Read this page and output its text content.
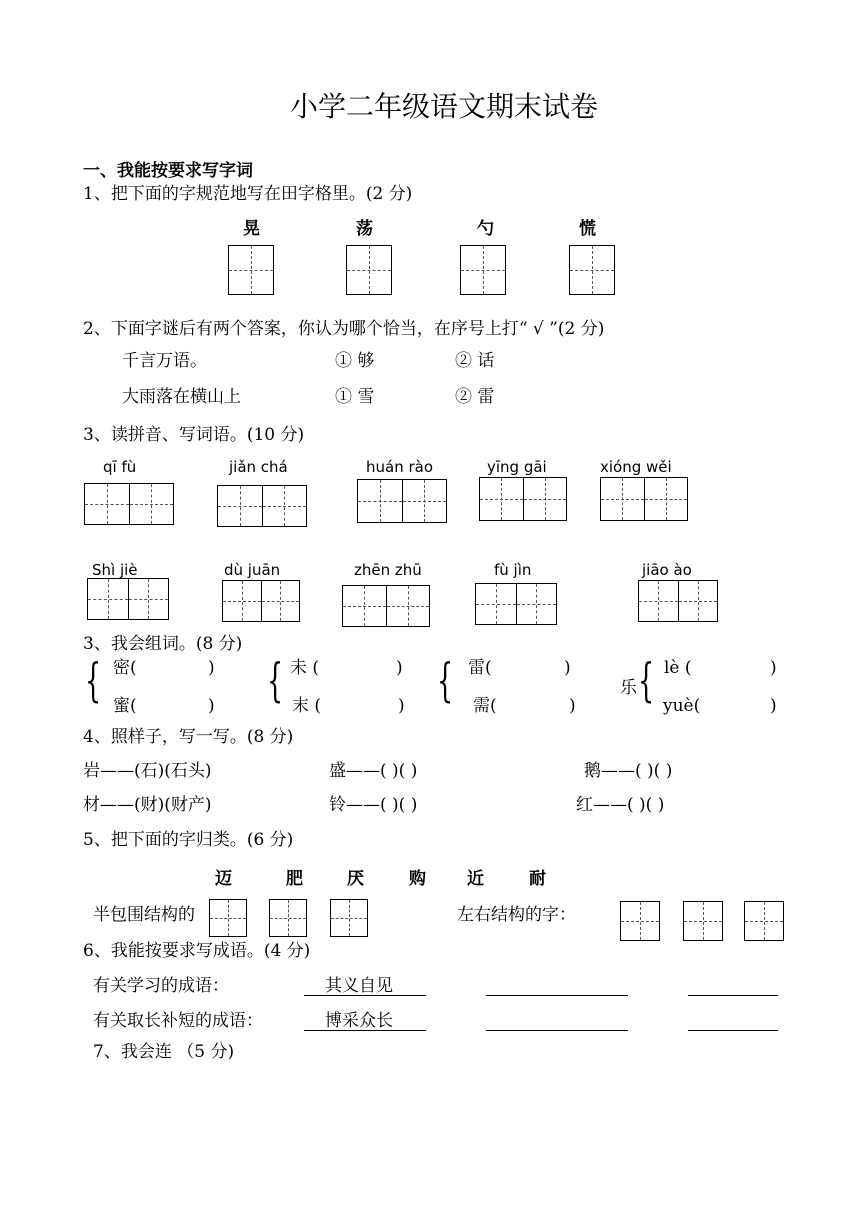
小学二年级语文期末试卷
一、我能按要求写字词
1、把下面的字规范地写在田字格里。(2 分)
晃	荡	勺	慌
2、下面字谜后有两个答案，你认为哪个恰当，在序号上打“ √ ”(2 分)
千言万语。	① 够	② 话
大雨落在横山上	① 雪	② 雷
3、读拼音、写词语。(10 分)
qī fù	jiǎn chá	huán rào	yīng gāi	xióng wěi
Shì jiè	dù juān	zhēn zhū	fù jìn	jiāo ào
3、我会组词。(8 分)
{ 密(	)
蜜(	) { 未 (	)
末 (	) { 雷(	)
需(	)
乐 { lè (	)
yuè(	)
4、照样子，写一写。(8 分)
岩——(石)(石头)	盛——( )( )	鹅——( )( )
材——(财)(财产)	铃——( )( )	红——( )( )
5、把下面的字归类。(6 分)
迈	肥	厌	购 近	耐
半包围结构的	左右结构的字：
6、我能按要求写成语。(4 分)
有关学习的成语：	其义自见
有关取长补短的成语：	博采众长
7、我会连 （5 分)
